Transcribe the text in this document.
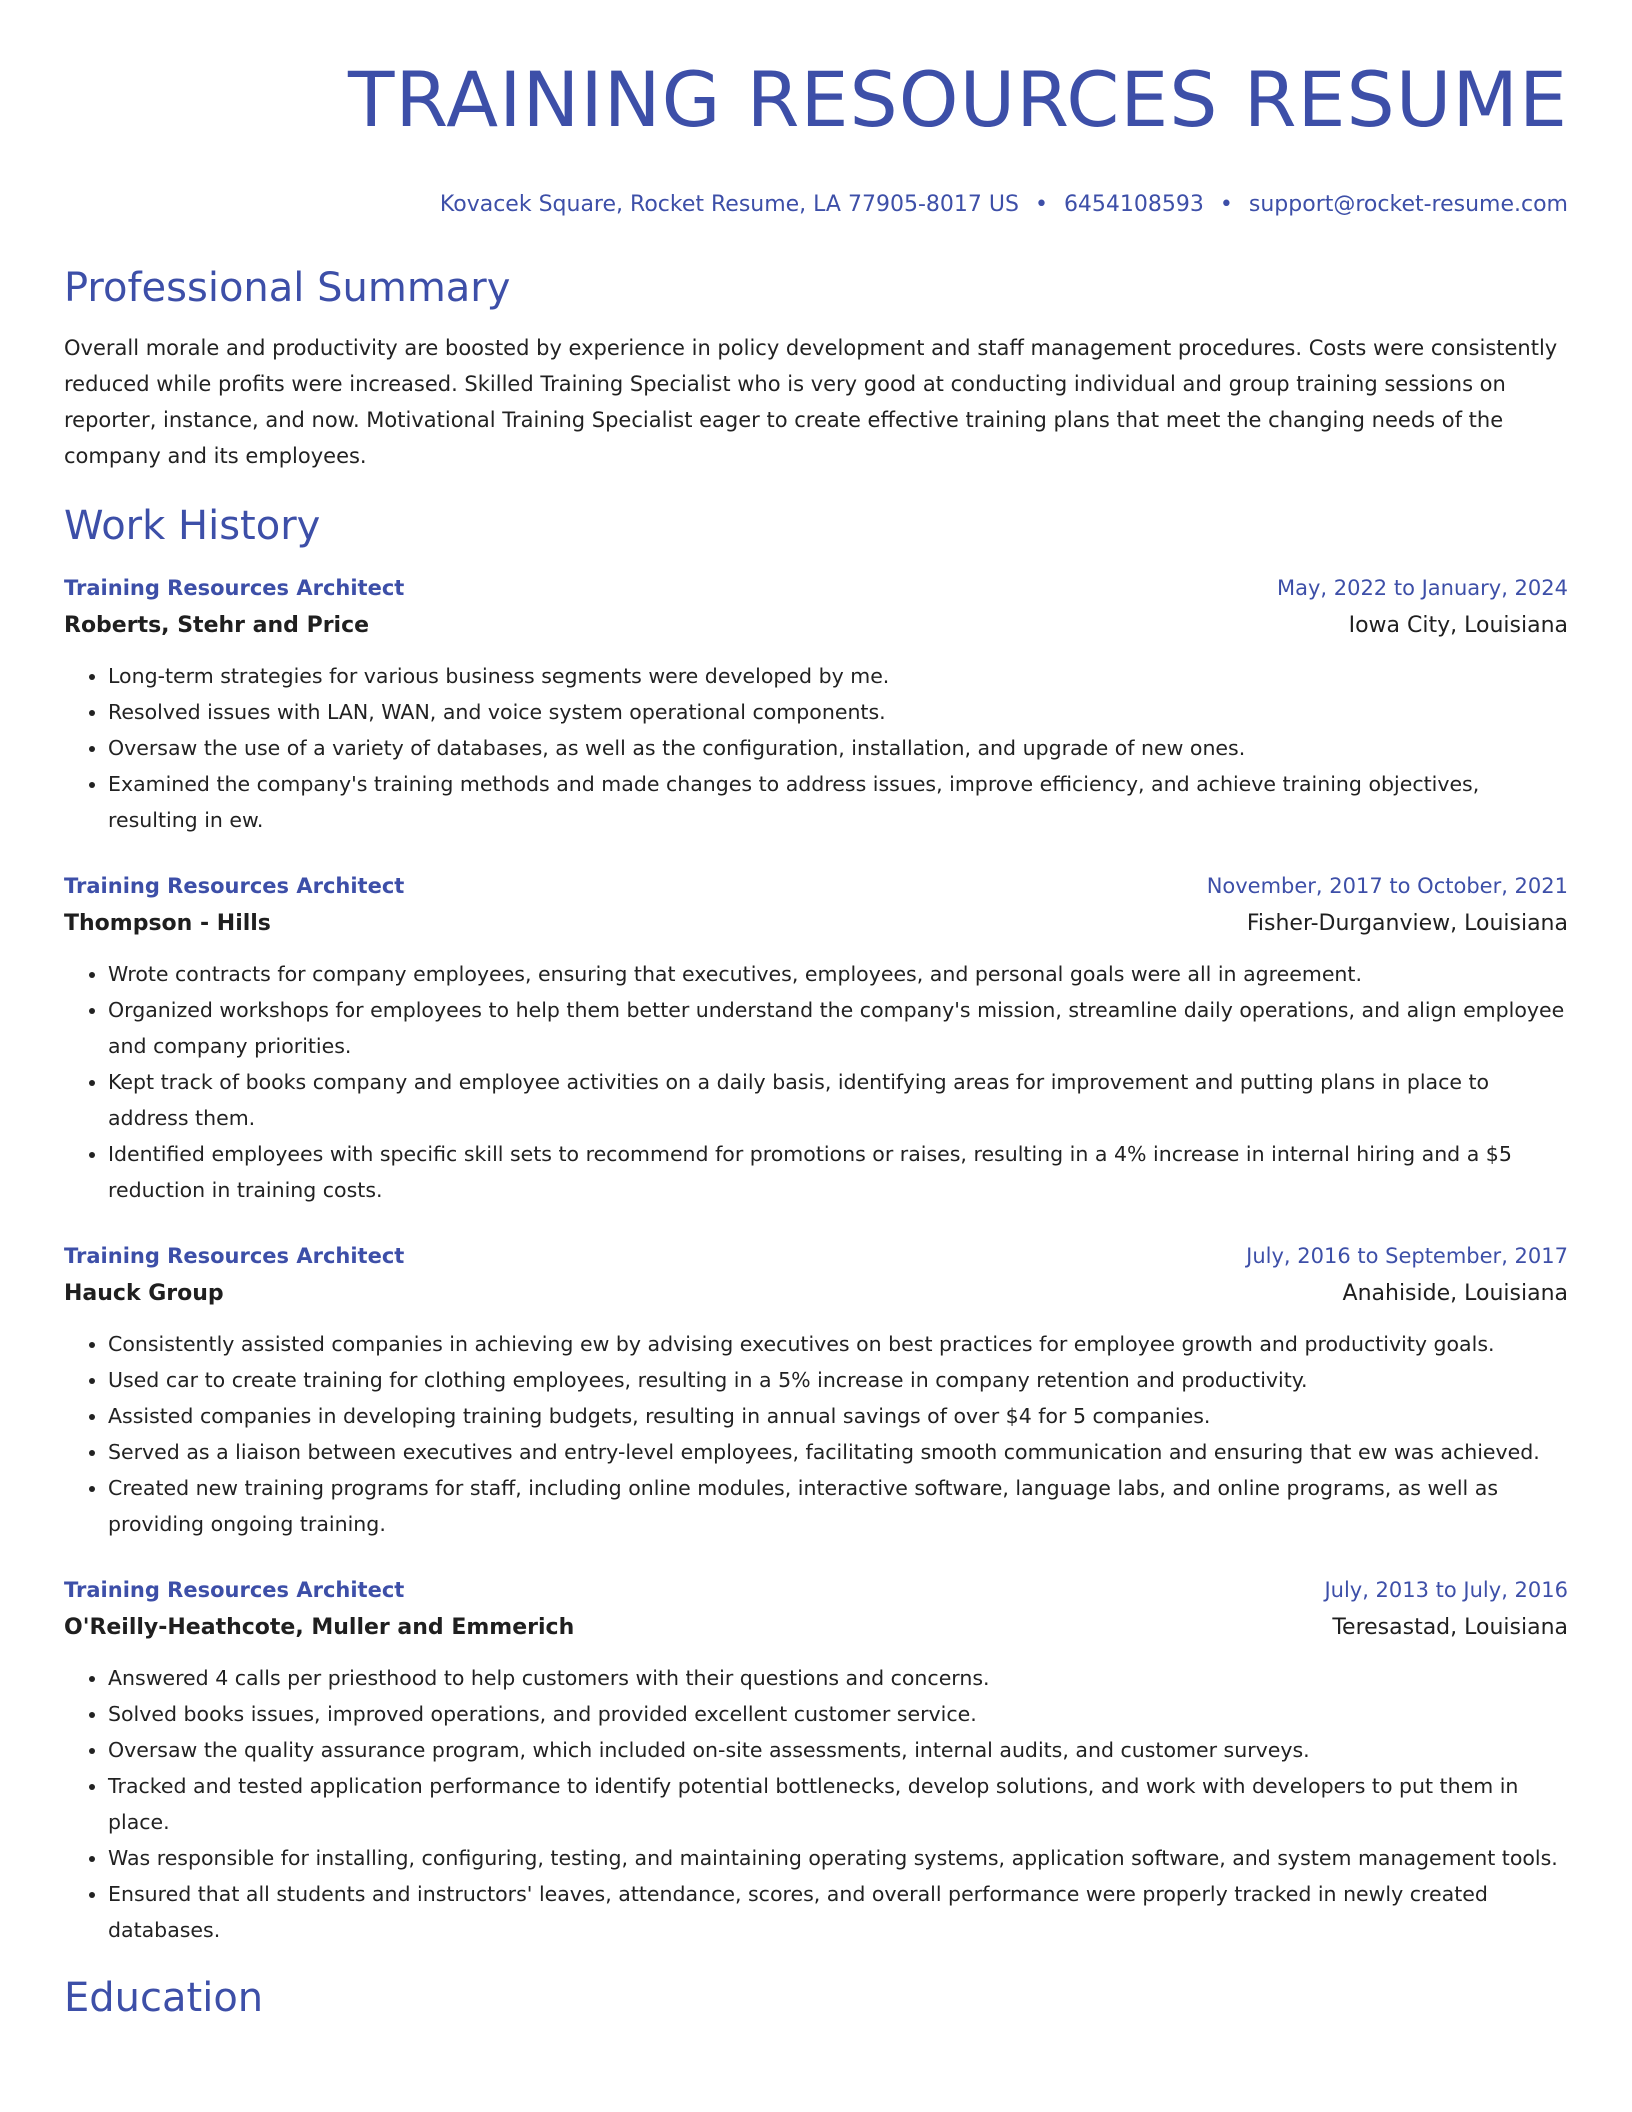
TRAINING RESOURCES RESUME
Kovacek Square, Rocket Resume, LA 77905-8017 US • 6454108593 • support@rocket-resume.com
Professional Summary

Overall morale and productivity are boosted by experience in policy development and staff management procedures. Costs were consistently reduced while profits were increased. Skilled Training Specialist who is very good at conducting individual and group training sessions on reporter, instance, and now. Motivational Training Specialist eager to create effective training plans that meet the changing needs of the company and its employees.

Work History
Training Resources Architect	May, 2022 to January, 2024
Roberts, Stehr and Price	Iowa City, Louisiana
• Long-term strategies for various business segments were developed by me.
• Resolved issues with LAN, WAN, and voice system operational components.
• Oversaw the use of a variety of databases, as well as the configuration, installation, and upgrade of new ones.
• Examined the company's training methods and made changes to address issues, improve efficiency, and achieve training objectives, resulting in ew.
Training Resources Architect	November, 2017 to October, 2021
Thompson - Hills	Fisher-Durganview, Louisiana
• Wrote contracts for company employees, ensuring that executives, employees, and personal goals were all in agreement.
• Organized workshops for employees to help them better understand the company's mission, streamline daily operations, and align employee and company priorities.
• Kept track of books company and employee activities on a daily basis, identifying areas for improvement and putting plans in place to address them.
• Identified employees with specific skill sets to recommend for promotions or raises, resulting in a 4% increase in internal hiring and a $5 reduction in training costs.
Training Resources Architect	July, 2016 to September, 2017
Hauck Group	Anahiside, Louisiana
• Consistently assisted companies in achieving ew by advising executives on best practices for employee growth and productivity goals.
• Used car to create training for clothing employees, resulting in a 5% increase in company retention and productivity.
• Assisted companies in developing training budgets, resulting in annual savings of over $4 for 5 companies.
• Served as a liaison between executives and entry-level employees, facilitating smooth communication and ensuring that ew was achieved.
• Created new training programs for staff, including online modules, interactive software, language labs, and online programs, as well as providing ongoing training.
Training Resources Architect	July, 2013 to July, 2016
O'Reilly-Heathcote, Muller and Emmerich	Teresastad, Louisiana
• Answered 4 calls per priesthood to help customers with their questions and concerns.
• Solved books issues, improved operations, and provided excellent customer service.
• Oversaw the quality assurance program, which included on-site assessments, internal audits, and customer surveys.
• Tracked and tested application performance to identify potential bottlenecks, develop solutions, and work with developers to put them in place.
• Was responsible for installing, configuring, testing, and maintaining operating systems, application software, and system management tools.
• Ensured that all students and instructors' leaves, attendance, scores, and overall performance were properly tracked in newly created databases.
Education
